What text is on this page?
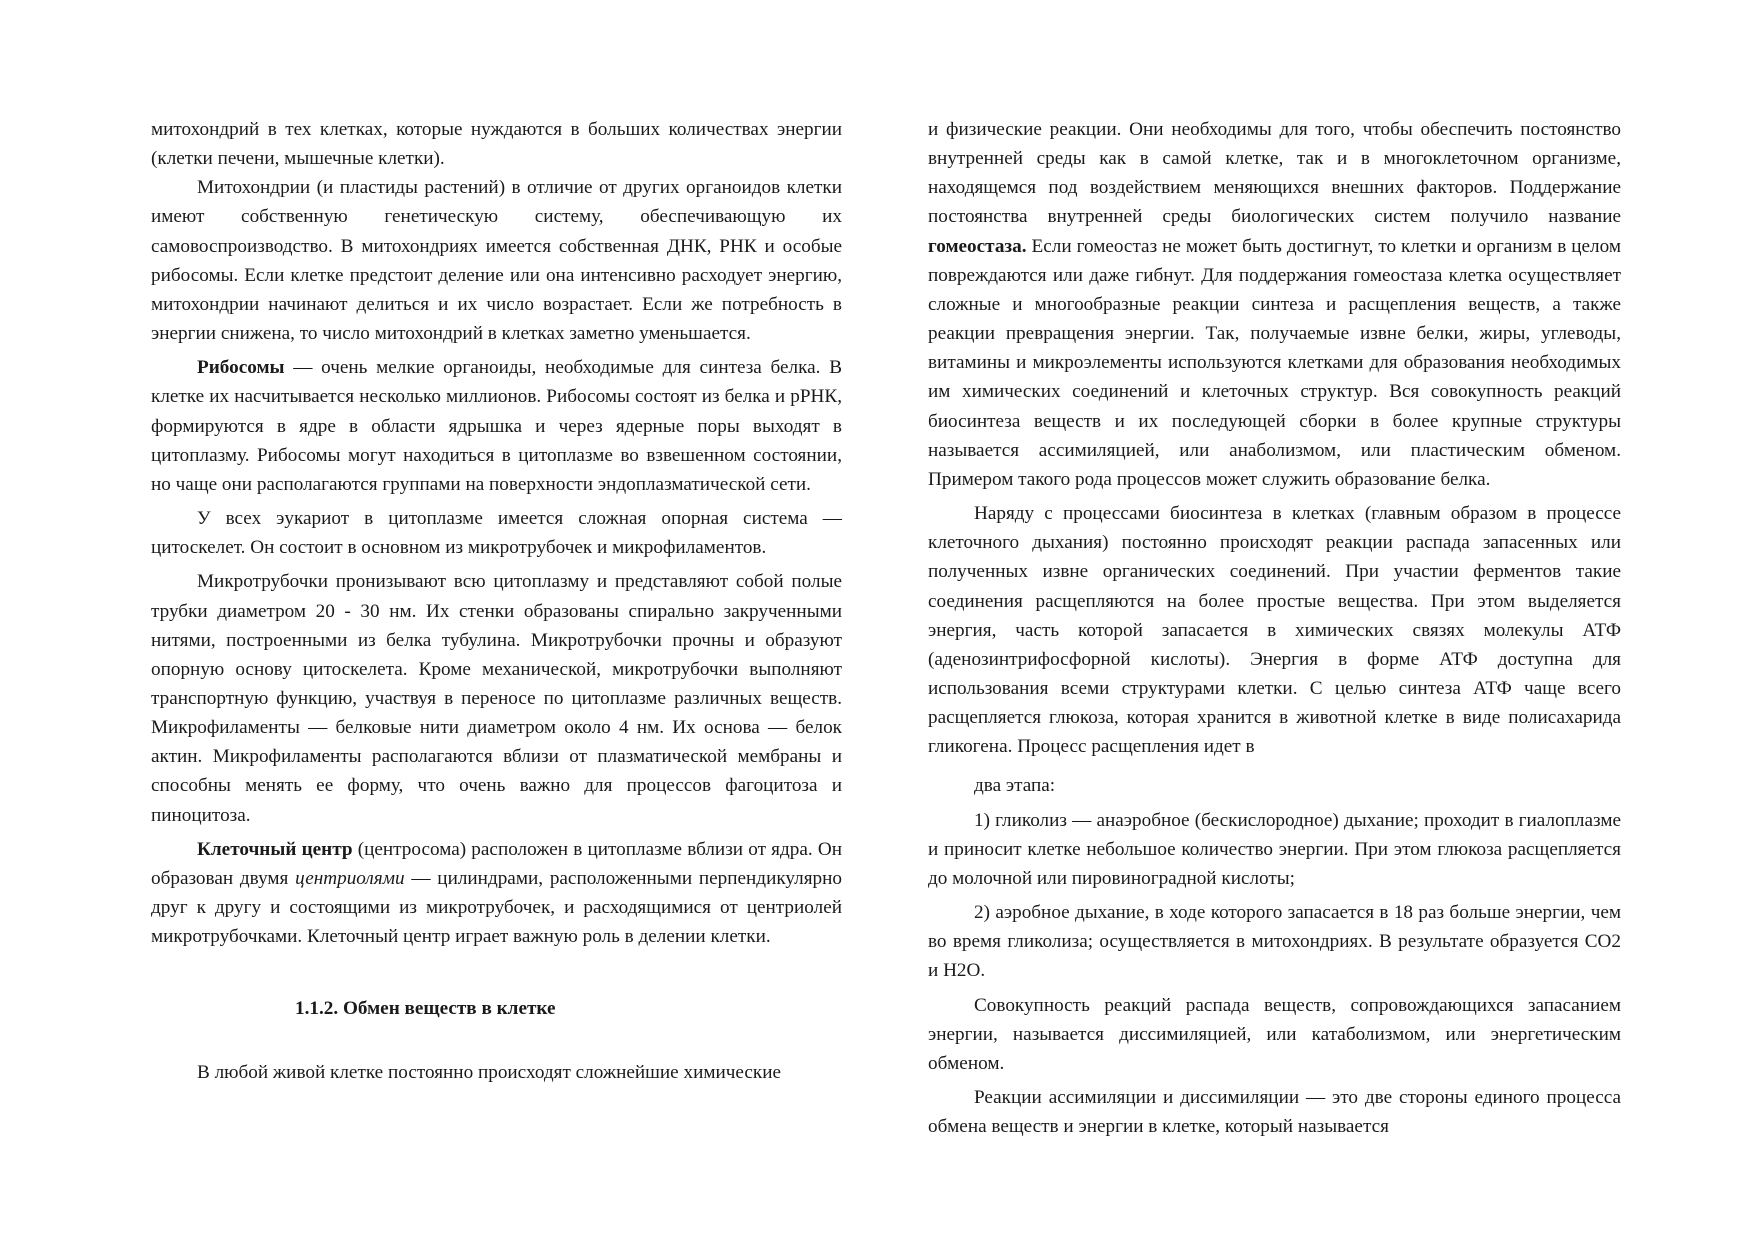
митохондрий в тех клетках, которые нуждаются в больших количествах энергии (клетки печени, мышечные клетки).

Митохондрии (и пластиды растений) в отличие от других органоидов клетки имеют собственную генетическую систему, обеспечивающую их самовоспроизводство. В митохондриях имеется собственная ДНК, РНК и особые рибосомы. Если клетке предстоит деление или она интенсивно расходует энергию, митохондрии начинают делиться и их число возрастает. Если же потребность в энергии снижена, то число митохондрий в клетках заметно уменьшается.

Рибосомы — очень мелкие органоиды, необходимые для синтеза белка. В клетке их насчитывается несколько миллионов. Рибосомы состоят из белка и рРНК, формируются в ядре в области ядрышка и через ядерные поры выходят в цитоплазму. Рибосомы могут находиться в цитоплазме во взвешенном состоянии, но чаще они располагаются группами на поверхности эндоплазматической сети.

У всех эукариот в цитоплазме имеется сложная опорная система — цитоскелет. Он состоит в основном из микротрубочек и микрофиламентов.

Микротрубочки пронизывают всю цитоплазму и представляют собой полые трубки диаметром 20 - 30 нм. Их стенки образованы спирально закрученными нитями, построенными из белка тубулина. Микротрубочки прочны и образуют опорную основу цитоскелета. Кроме механической, микротрубочки выполняют транспортную функцию, участвуя в переносе по цитоплазме различных веществ. Микрофиламенты — белковые нити диаметром около 4 нм. Их основа — белок актин. Микрофиламенты располагаются вблизи от плазматической мембраны и способны менять ее форму, что очень важно для процессов фагоцитоза и пиноцитоза.

Клеточный центр (центросома) расположен в цитоплазме вблизи от ядра. Он образован двумя центриолями — цилиндрами, расположенными перпендикулярно друг к другу и состоящими из микротрубочек, и расходящимися от центриолей микротрубочками. Клеточный центр играет важную роль в делении клетки.

1.1.2. Обмен веществ в клетке

В любой живой клетке постоянно происходят сложнейшие химические

и физические реакции. Они необходимы для того, чтобы обеспечить постоянство внутренней среды как в самой клетке, так и в многоклеточном организме, находящемся под воздействием меняющихся внешних факторов. Поддержание постоянства внутренней среды биологических систем получило название гомеостаза. Если гомеостаз не может быть достигнут, то клетки и организм в целом повреждаются или даже гибнут. Для поддержания гомеостаза клетка осуществляет сложные и многообразные реакции синтеза и расщепления веществ, а также реакции превращения энергии. Так, получаемые извне белки, жиры, углеводы, витамины и микроэлементы используются клетками для образования необходимых им химических соединений и клеточных структур. Вся совокупность реакций биосинтеза веществ и их последующей сборки в более крупные структуры называется ассимиляцией, или анаболизмом, или пластическим обменом. Примером такого рода процессов может служить образование белка.

Наряду с процессами биосинтеза в клетках (главным образом в процессе клеточного дыхания) постоянно происходят реакции распада запасенных или полученных извне органических соединений. При участии ферментов такие соединения расщепляются на более простые вещества. При этом выделяется энергия, часть которой запасается в химических связях молекулы АТФ (аденозинтрифосфорной кислоты). Энергия в форме АТФ доступна для использования всеми структурами клетки. С целью синтеза АТФ чаще всего расщепляется глюкоза, которая хранится в животной клетке в виде полисахарида гликогена. Процесс расщепления идет в

два этапа:

1) гликолиз — анаэробное (бескислородное) дыхание; проходит в гиалоплазме и приносит клетке небольшое количество энергии. При этом глюкоза расщепляется до молочной или пировиноградной кислоты;

2) аэробное дыхание, в ходе которого запасается в 18 раз больше энергии, чем во время гликолиза; осуществляется в митохондриях. В результате образуется CO2 и H2O.

Совокупность реакций распада веществ, сопровождающихся запасанием энергии, называется диссимиляцией, или катаболизмом, или энергетическим обменом.

Реакции ассимиляции и диссимиляции — это две стороны единого процесса обмена веществ и энергии в клетке, который называется
